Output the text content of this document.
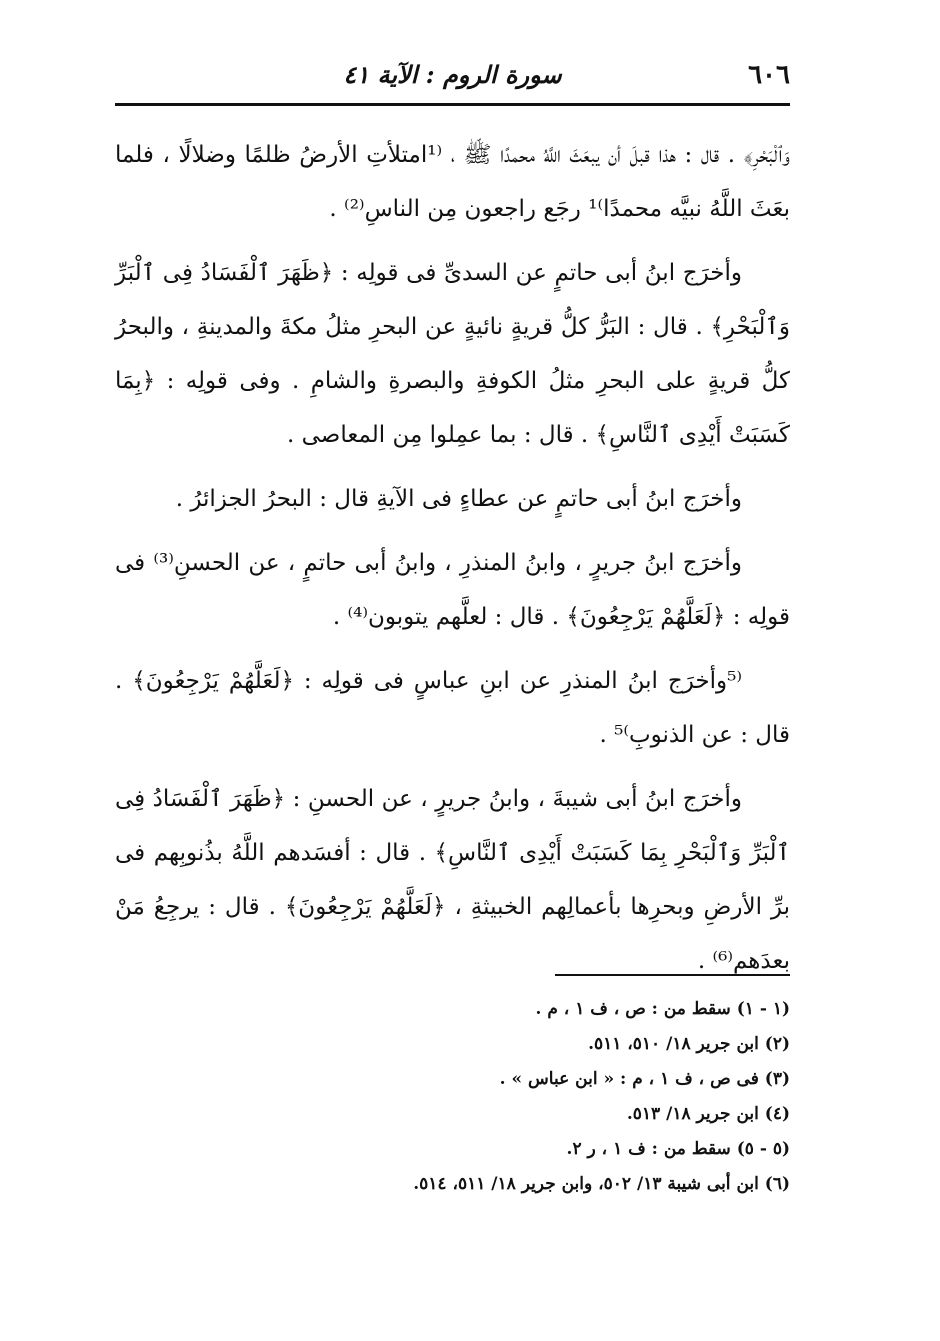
٦٠٦
سورة الروم : الآية ٤١

وَٱلْبَحْرِ﴾ . قال : هذا قبلَ أن يبعَثَ اللَّهُ محمدًا ﷺ ، ⁽¹امتلأتِ الأرضُ ظلمًا وضلالًا ، فلما بعَثَ اللَّهُ نبيَّه محمدًا⁾¹ رجَع راجعون مِن الناسِ⁽²⁾ .

وأخرَج ابنُ أبى حاتمٍ عن السدىِّ فى قولِه : ﴿ظَهَرَ ٱلْفَسَادُ فِى ٱلْبَرِّ وَٱلْبَحْرِ﴾ . قال : البَرُّ كلُّ قريةٍ نائيةٍ عن البحرِ مثلُ مكةَ والمدينةِ ، والبحرُ كلُّ قريةٍ على البحرِ مثلُ الكوفةِ والبصرةِ والشامِ . وفى قولِه : ﴿بِمَا كَسَبَتْ أَيْدِى ٱلنَّاسِ﴾ . قال : بما عمِلوا مِن المعاصى .

وأخرَج ابنُ أبى حاتمٍ عن عطاءٍ فى الآيةِ قال : البحرُ الجزائرُ .

وأخرَج ابنُ جريرٍ ، وابنُ المنذرِ ، وابنُ أبى حاتمٍ ، عن الحسنِ⁽³⁾ فى قولِه : ﴿لَعَلَّهُمْ يَرْجِعُونَ﴾ . قال : لعلَّهم يتوبون⁽⁴⁾ .

⁽⁵وأخرَج ابنُ المنذرِ عن ابنِ عباسٍ فى قولِه : ﴿لَعَلَّهُمْ يَرْجِعُونَ﴾ . قال : عن الذنوبِ⁾⁵ .

وأخرَج ابنُ أبى شيبةَ ، وابنُ جريرٍ ، عن الحسنِ : ﴿ظَهَرَ ٱلْفَسَادُ فِى ٱلْبَرِّ وَٱلْبَحْرِ بِمَا كَسَبَتْ أَيْدِى ٱلنَّاسِ﴾ . قال : أفسَدهم اللَّهُ بذُنوبِهم فى برِّ الأرضِ وبحرِها بأعمالِهم الخبيثةِ ، ﴿لَعَلَّهُمْ يَرْجِعُونَ﴾ . قال : يرجِعُ مَنْ بعدَهم⁽⁶⁾ .

(١ - ١) سقط من : ص ، ف ١ ، م .
(٢) ابن جرير ١٨/ ٥١٠، ٥١١.
(٣) فى ص ، ف ١ ، م : « ابن عباس » .
(٤) ابن جرير ١٨/ ٥١٣.
(٥ - ٥) سقط من : ف ١ ، ر ٢.
(٦) ابن أبى شيبة ١٣/ ٥٠٢، وابن جرير ١٨/ ٥١١، ٥١٤.
